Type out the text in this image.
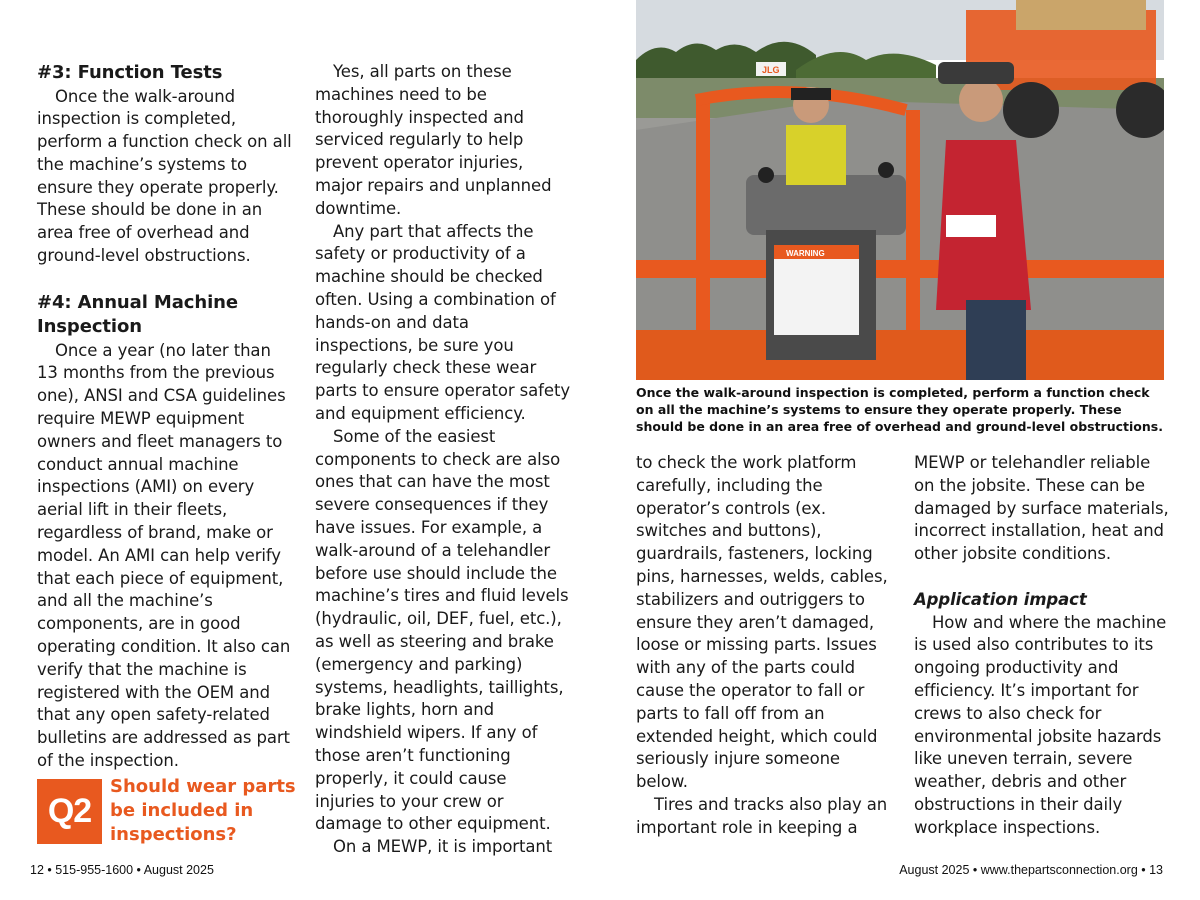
#3: Function Tests

Once the walk-around inspection is completed, perform a function check on all the machine’s systems to ensure they operate properly. These should be done in an area free of overhead and ground-level obstructions.

#4: Annual Machine Inspection

Once a year (no later than 13 months from the previous one), ANSI and CSA guidelines require MEWP equipment owners and fleet managers to conduct annual machine inspections (AMI) on every aerial lift in their fleets, regardless of brand, make or model. An AMI can help verify that each piece of equipment, and all the machine’s components, are in good operating condition. It also can verify that the machine is registered with the OEM and that any open safety-related bulletins are addressed as part of the inspection.

Q2

Should wear parts be included in inspections?

Yes, all parts on these machines need to be thoroughly inspected and serviced regularly to help prevent operator injuries, major repairs and unplanned downtime.

Any part that affects the safety or productivity of a machine should be checked often. Using a combination of hands-on and data inspections, be sure you regularly check these wear parts to ensure operator safety and equipment efficiency.

Some of the easiest components to check are also ones that can have the most severe consequences if they have issues. For example, a walk-around of a telehandler before use should include the machine’s tires and fluid levels (hydraulic, oil, DEF, fuel, etc.), as well as steering and brake (emergency and parking) systems, headlights, taillights, brake lights, horn and windshield wipers. If any of those aren’t functioning properly, it could cause injuries to your crew or damage to other equipment.

On a MEWP, it is important

JLG
WARNING

Once the walk-around inspection is completed, perform a function check on all the machine’s systems to ensure they operate properly. These should be done in an area free of overhead and ground-level obstructions.

to check the work platform carefully, including the operator’s controls (ex. switches and buttons), guardrails, fasteners, locking pins, harnesses, welds, cables, stabilizers and outriggers to ensure they aren’t damaged, loose or missing parts. Issues with any of the parts could cause the operator to fall or parts to fall off from an extended height, which could seriously injure someone below.

Tires and tracks also play an important role in keeping a

MEWP or telehandler reliable on the jobsite. These can be damaged by surface materials, incorrect installation, heat and other jobsite conditions.

Application impact

How and where the machine is used also contributes to its ongoing productivity and efficiency. It’s important for crews to also check for environmental jobsite hazards like uneven terrain, severe weather, debris and other obstructions in their daily workplace inspections.

12 • 515-955-1600 • August 2025	August 2025 • www.thepartsconnection.org • 13
